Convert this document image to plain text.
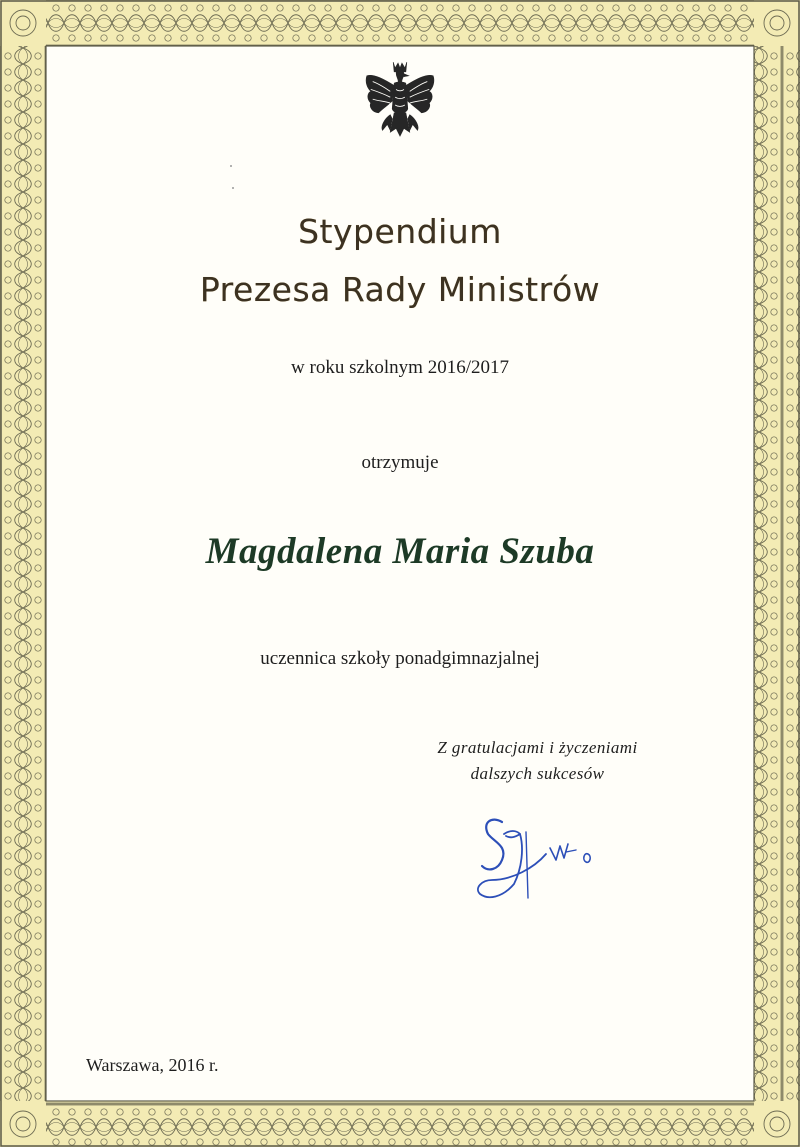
Stypendium
Prezesa Rady Ministrów
w roku szkolnym 2016/2017
otrzymuje
Magdalena Maria Szuba
uczennica szkoły ponadgimnazjalnej
Z gratulacjami i życzeniami
dalszych sukcesów
Warszawa, 2016 r.
